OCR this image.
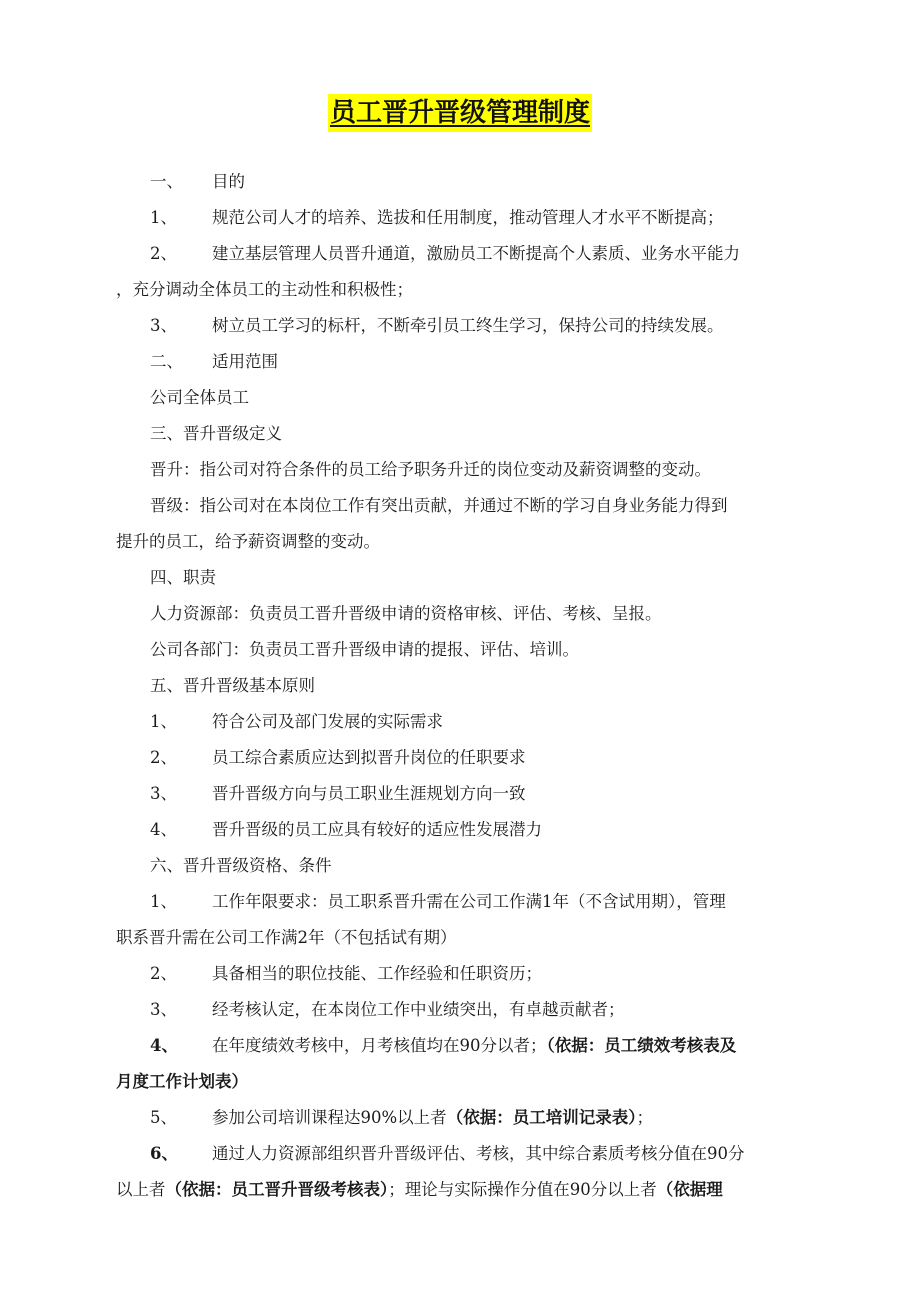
员工晋升晋级管理制度
一、 目的
1、 规范公司人才的培养、选拔和任用制度，推动管理人才水平不断提高；
2、 建立基层管理人员晋升通道，激励员工不断提高个人素质、业务水平能力
，充分调动全体员工的主动性和积极性；
3、 树立员工学习的标杆，不断牵引员工终生学习，保持公司的持续发展。
二、 适用范围
公司全体员工
三、晋升晋级定义
晋升：指公司对符合条件的员工给予职务升迁的岗位变动及薪资调整的变动。
晋级：指公司对在本岗位工作有突出贡献，并通过不断的学习自身业务能力得到
提升的员工，给予薪资调整的变动。
四、职责
人力资源部：负责员工晋升晋级申请的资格审核、评估、考核、呈报。
公司各部门：负责员工晋升晋级申请的提报、评估、培训。
五、晋升晋级基本原则
1、 符合公司及部门发展的实际需求
2、 员工综合素质应达到拟晋升岗位的任职要求
3、 晋升晋级方向与员工职业生涯规划方向一致
4、 晋升晋级的员工应具有较好的适应性发展潜力
六、晋升晋级资格、条件
1、 工作年限要求：员工职系晋升需在公司工作满1年（不含试用期），管理
职系晋升需在公司工作满2年（不包括试有期）
2、 具备相当的职位技能、工作经验和任职资历；
3、 经考核认定，在本岗位工作中业绩突出，有卓越贡献者；
4、 在年度绩效考核中，月考核值均在90分以者；（依据：员工绩效考核表及
月度工作计划表）
5、 参加公司培训课程达90%以上者（依据：员工培训记录表）；
6、 通过人力资源部组织晋升晋级评估、考核，其中综合素质考核分值在90分
以上者（依据：员工晋升晋级考核表）；理论与实际操作分值在90分以上者（依据理
